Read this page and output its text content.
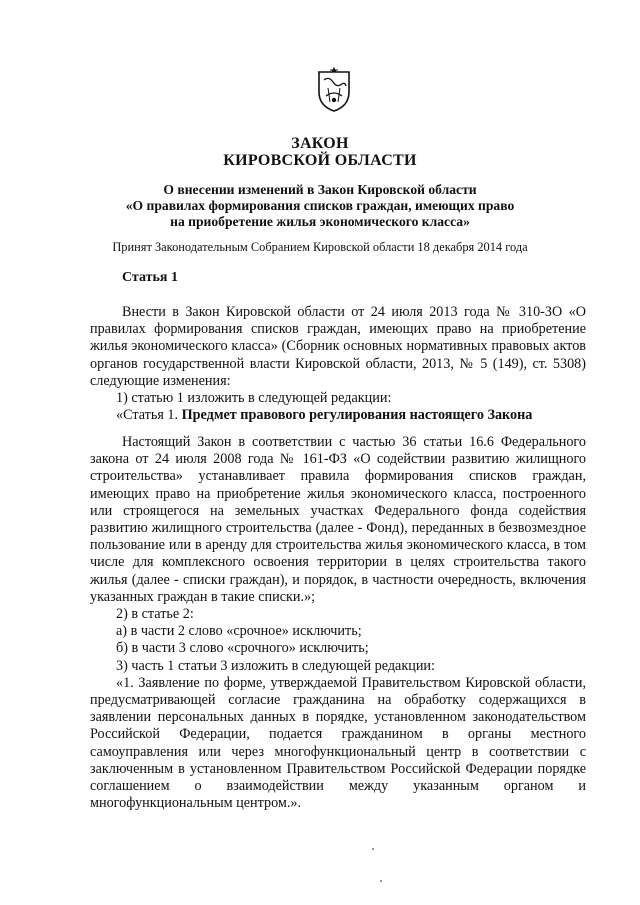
ЗАКОН
КИРОВСКОЙ ОБЛАСТИ
О внесении изменений в Закон Кировской области
«О правилах формирования списков граждан, имеющих право
на приобретение жилья экономического класса»
Принят Законодательным Собранием Кировской области 18 декабря 2014 года
Статья 1

Внести в Закон Кировской области от 24 июля 2013 года № 310-ЗО «О правилах формирования списков граждан, имеющих право на приобретение жилья экономического класса» (Сборник основных нормативных правовых актов органов государственной власти Кировской области, 2013, № 5 (149), ст. 5308) следующие изменения:

1) статью 1 изложить в следующей редакции:

«Статья 1. Предмет правового регулирования настоящего Закона

Настоящий Закон в соответствии с частью 36 статьи 16.6 Федерального закона от 24 июля 2008 года № 161-ФЗ «О содействии развитию жилищного строительства» устанавливает правила формирования списков граждан, имеющих право на приобретение жилья экономического класса, построенного или строящегося на земельных участках Федерального фонда содействия развитию жилищного строительства (далее - Фонд), переданных в безвозмездное пользование или в аренду для строительства жилья экономического класса, в том числе для комплексного освоения территории в целях строительства такого жилья (далее - списки граждан), и порядок, в частности очередность, включения указанных граждан в такие списки.»;

2) в статье 2:

а) в части 2 слово «срочное» исключить;

б) в части 3 слово «срочного» исключить;

3) часть 1 статьи 3 изложить в следующей редакции:

«1. Заявление по форме, утверждаемой Правительством Кировской области, предусматривающей согласие гражданина на обработку содержащихся в заявлении персональных данных в порядке, установленном законодательством Российской Федерации, подается гражданином в органы местного самоуправления или через многофункциональный центр в соответствии с заключенным в установленном Правительством Российской Федерации порядке соглашением о взаимодействии между указанным органом и многофункциональным центром.».
